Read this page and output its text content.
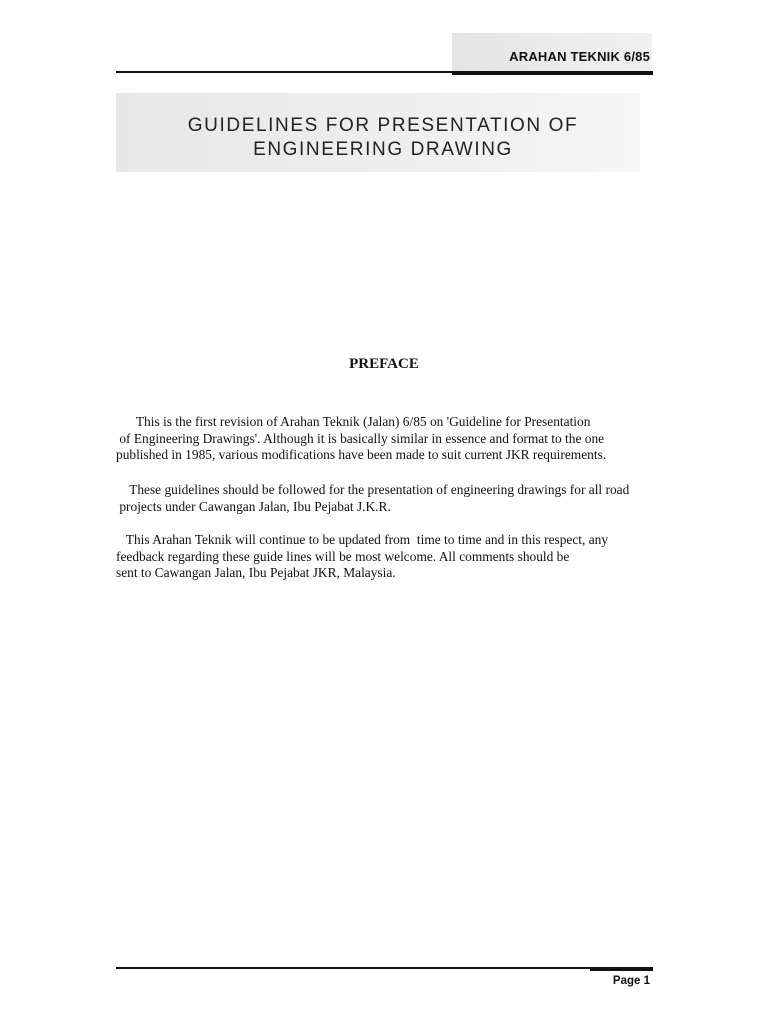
ARAHAN TEKNIK 6/85
GUIDELINES FOR PRESENTATION OF
ENGINEERING DRAWING
PREFACE
This is the first revision of Arahan Teknik (Jalan) 6/85 on 'Guideline for Presentation
of Engineering Drawings'. Although it is basically similar in essence and format to the one
published in 1985, various modifications have been made to suit current JKR requirements.
These guidelines should be followed for the presentation of engineering drawings for all road
projects under Cawangan Jalan, Ibu Pejabat J.K.R.
This Arahan Teknik will continue to be updated from  time to time and in this respect, any
feedback regarding these guide lines will be most welcome. All comments should be
sent to Cawangan Jalan, Ibu Pejabat JKR, Malaysia.
Page 1
